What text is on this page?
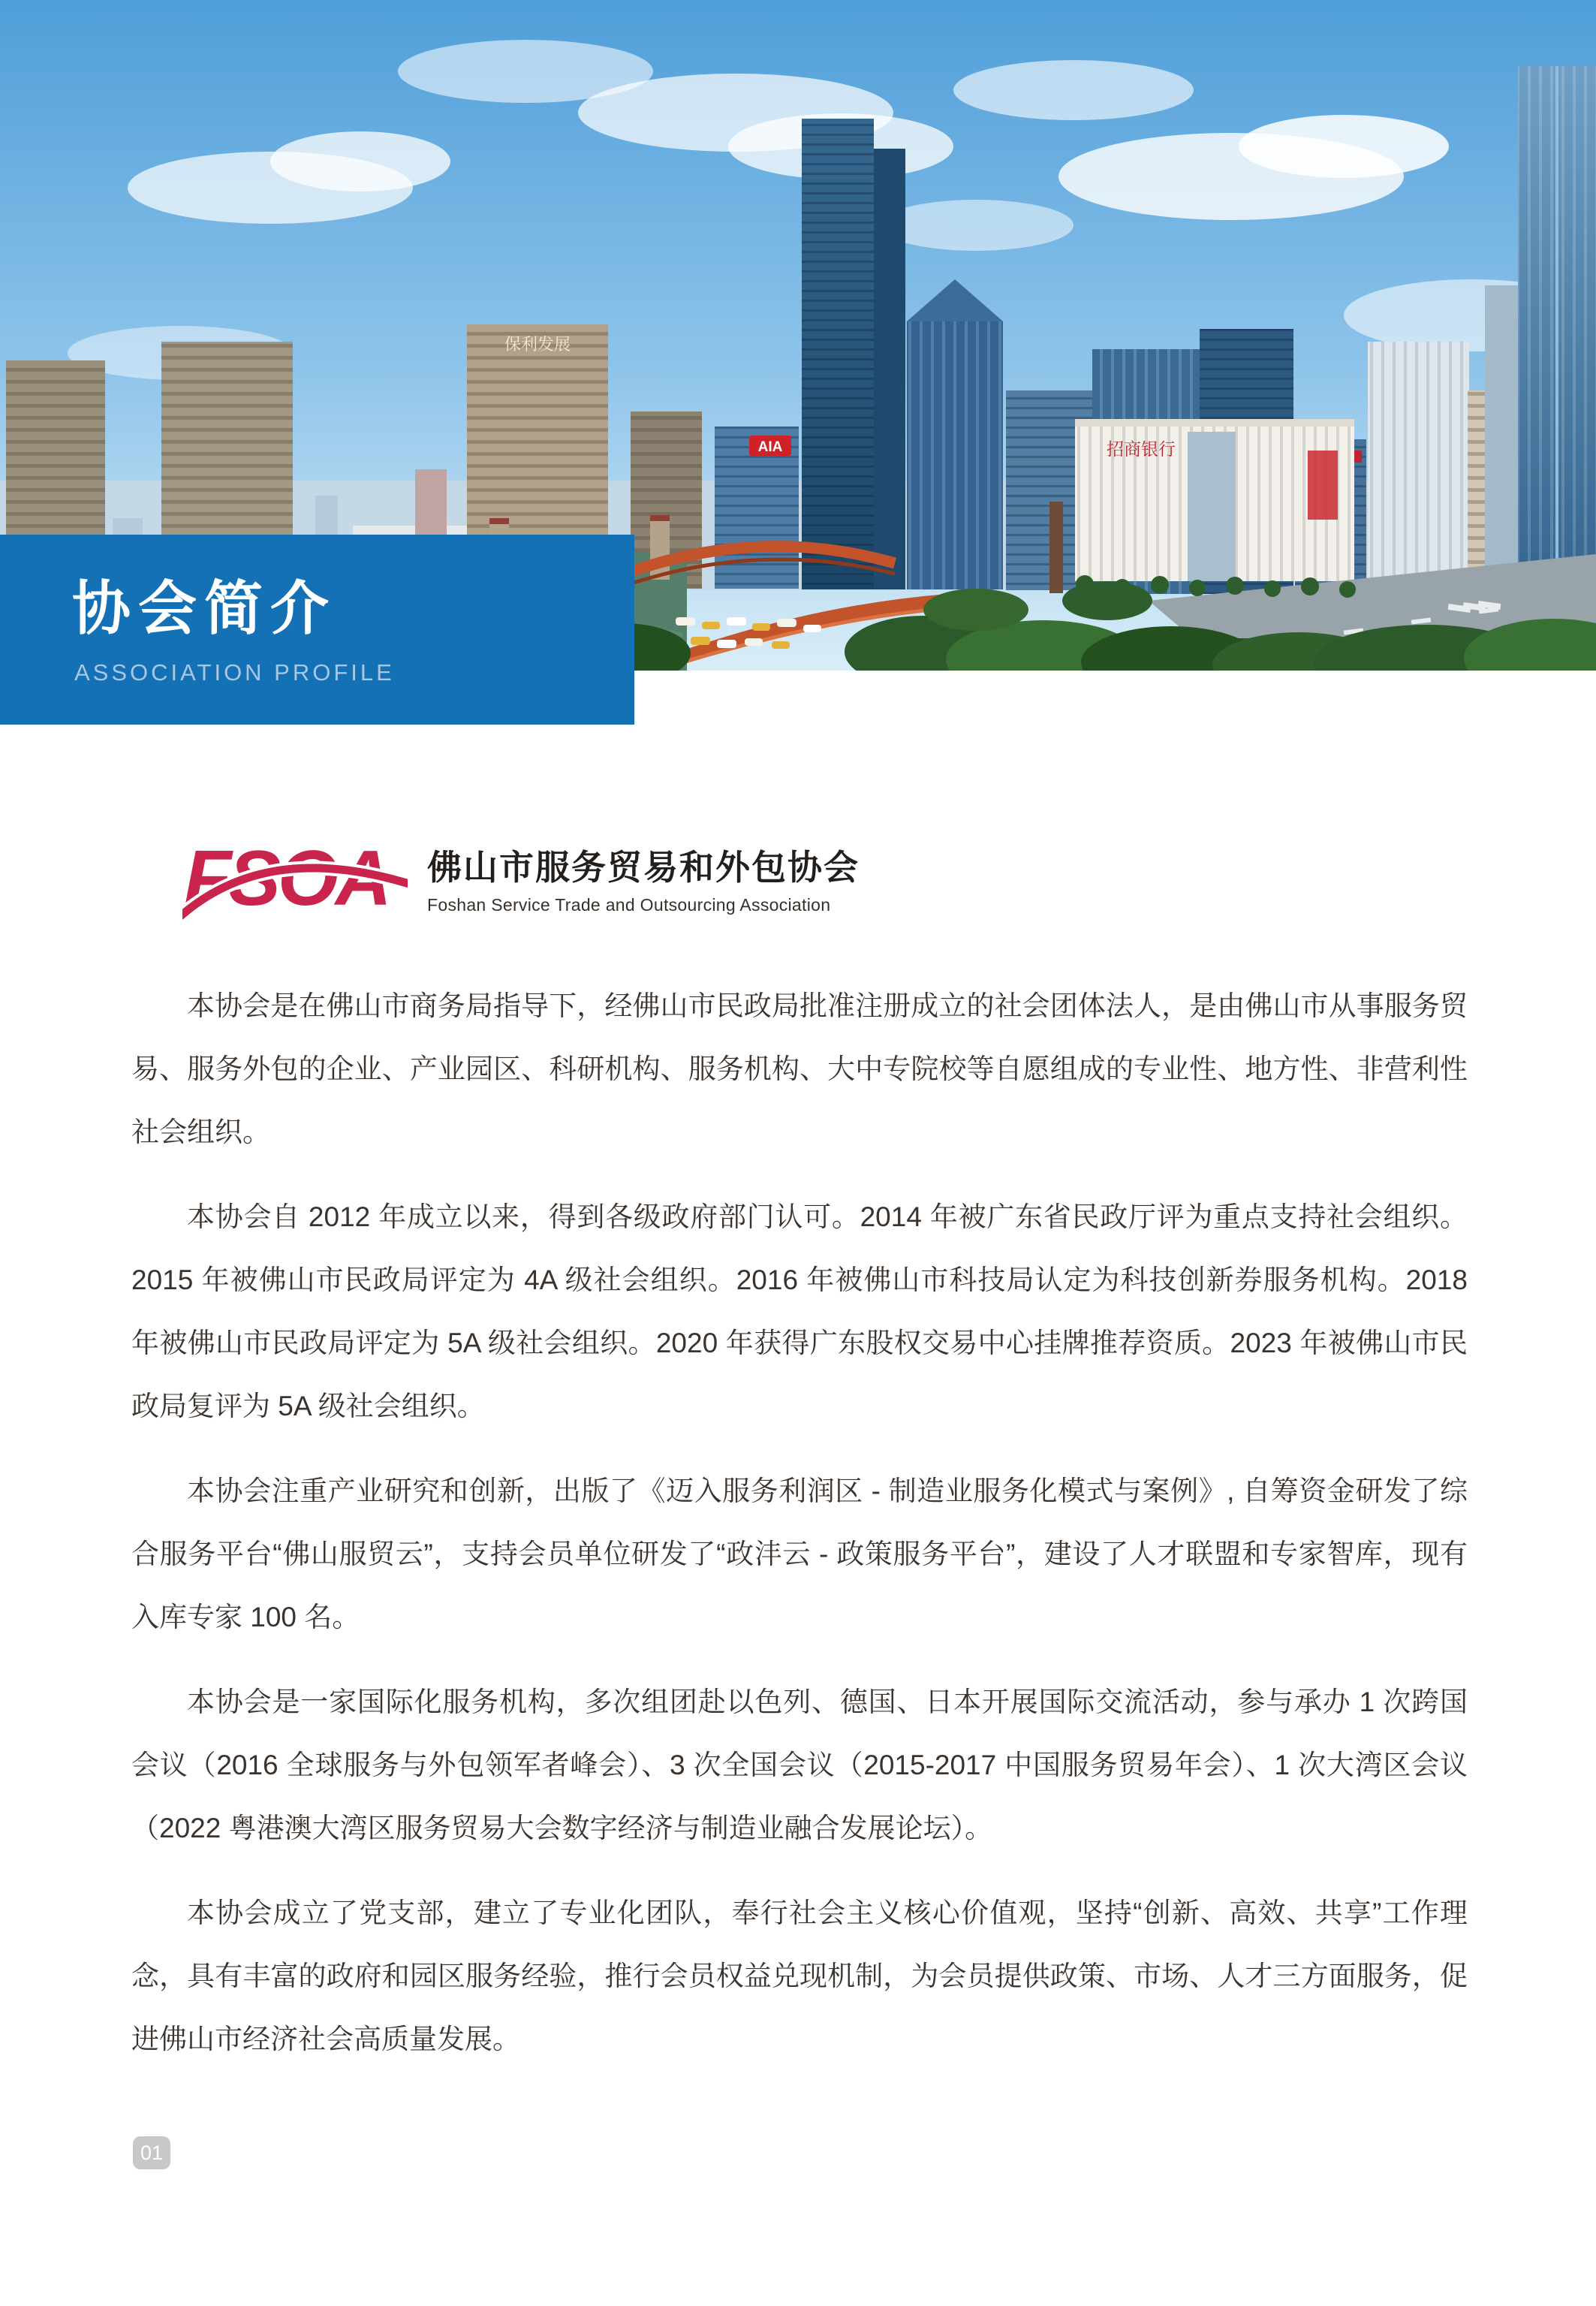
保利发展
AIA	招商银行
协会简介
ASSOCIATION PROFILE
FSOA 佛山市服务贸易和外包协会
Foshan Service Trade and Outsourcing Association

本协会是在佛山市商务局指导下，经佛山市民政局批准注册成立的社会团体法人，是由佛山市从事服务贸易、服务外包的企业、产业园区、科研机构、服务机构、大中专院校等自愿组成的专业性、地方性、非营利性社会组织。

本协会自 2012 年成立以来，得到各级政府部门认可。2014 年被广东省民政厅评为重点支持社会组织。2015 年被佛山市民政局评定为 4A 级社会组织。2016 年被佛山市科技局认定为科技创新券服务机构。2018 年被佛山市民政局评定为 5A 级社会组织。2020 年获得广东股权交易中心挂牌推荐资质。2023 年被佛山市民政局复评为 5A 级社会组织。

本协会注重产业研究和创新，出版了《迈入服务利润区 - 制造业服务化模式与案例》, 自筹资金研发了综合服务平台“佛山服贸云”，支持会员单位研发了“政沣云 - 政策服务平台”，建设了人才联盟和专家智库，现有入库专家 100 名。

本协会是一家国际化服务机构，多次组团赴以色列、德国、日本开展国际交流活动，参与承办 1 次跨国会议（2016 全球服务与外包领军者峰会）、3 次全国会议（2015-2017 中国服务贸易年会）、1 次大湾区会议（2022 粤港澳大湾区服务贸易大会数字经济与制造业融合发展论坛）。

本协会成立了党支部，建立了专业化团队，奉行社会主义核心价值观，坚持“创新、高效、共享”工作理念，具有丰富的政府和园区服务经验，推行会员权益兑现机制，为会员提供政策、市场、人才三方面服务，促进佛山市经济社会高质量发展。

01
